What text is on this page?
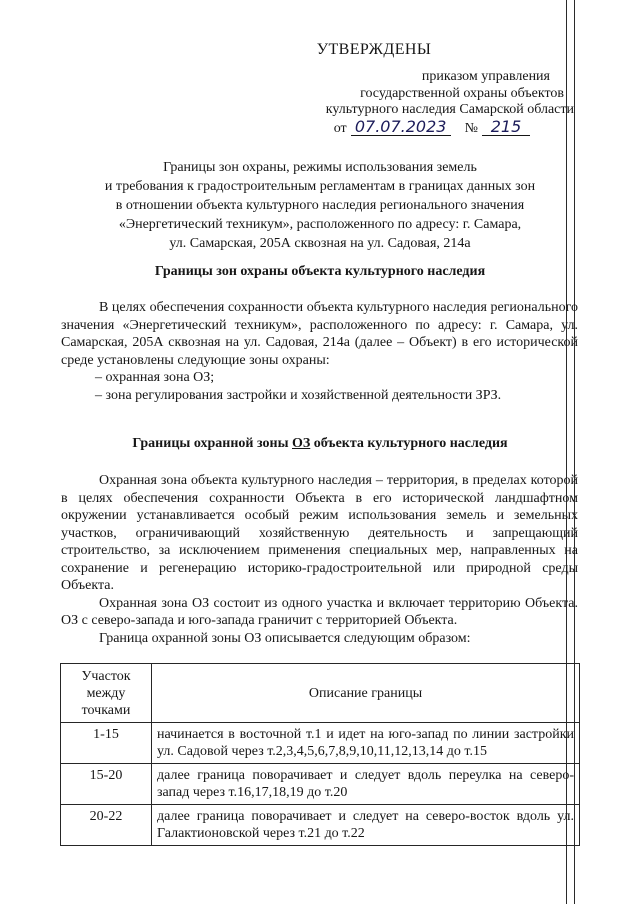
УТВЕРЖДЕНЫ
приказом управления
государственной охраны объектов
культурного наследия Самарской области
от 07.07.2023	№ 215
Границы зон охраны, режимы использования земель
и требования к градостроительным регламентам в границах данных зон
в отношении объекта культурного наследия регионального значения
«Энергетический техникум», расположенного по адресу: г. Самара,
ул. Самарская, 205А сквозная на ул. Садовая, 214а
Границы зон охраны объекта культурного наследия

В целях обеспечения сохранности объекта культурного наследия регионального значения «Энергетический техникум», расположенного по адресу: г. Самара, ул. Самарская, 205А сквозная на ул. Садовая, 214а (далее – Объект) в его исторической среде установлены следующие зоны охраны:

– охранная зона ОЗ;

– зона регулирования застройки и хозяйственной деятельности ЗРЗ.

Границы охранной зоны ОЗ объекта культурного наследия

Охранная зона объекта культурного наследия – территория, в пределах которой в целях обеспечения сохранности Объекта в его исторической ландшафтном окружении устанавливается особый режим использования земель и земельных участков, ограничивающий хозяйственную деятельность и запрещающий строительство, за исключением применения специальных мер, направленных на сохранение и регенерацию историко-градостроительной или природной среды Объекта.

Охранная зона ОЗ состоит из одного участка и включает территорию Объекта. ОЗ с северо-запада и юго-запада граничит с территорией Объекта.

Граница охранной зоны ОЗ описывается следующим образом:

Участок между точками	Описание границы
1-15	начинается в восточной т.1 и идет на юго-запад по линии застройки ул. Садовой через т.2,3,4,5,6,7,8,9,10,11,12,13,14 до т.15
15-20	далее граница поворачивает и следует вдоль переулка на северо-запад через т.16,17,18,19 до т.20
20-22	далее граница поворачивает и следует на северо-восток вдоль ул. Галактионовской через т.21 до т.22
